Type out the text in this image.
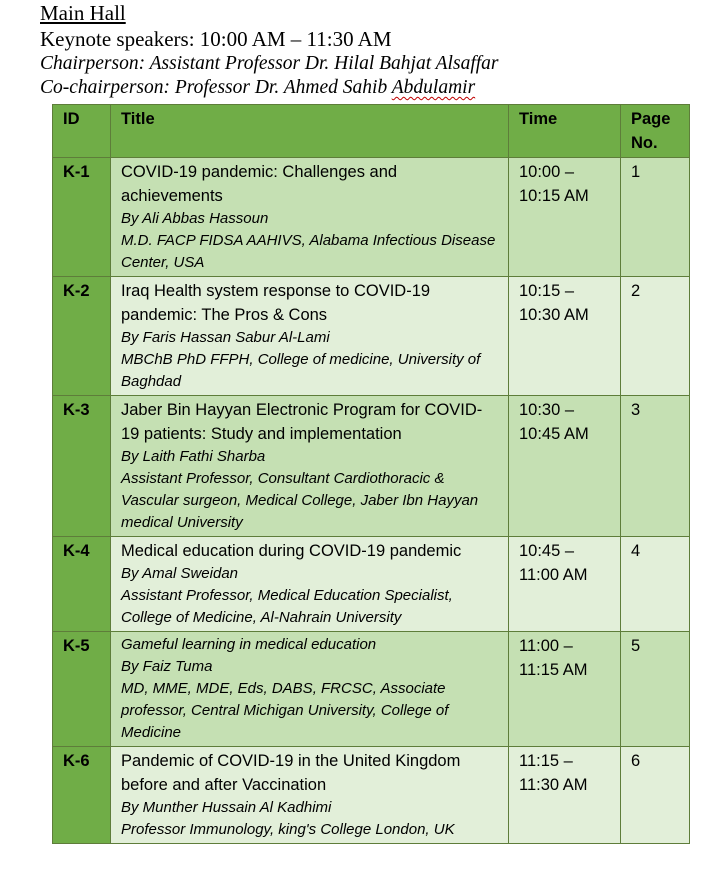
Main Hall
Keynote speakers: 10:00 AM – 11:30 AM
Chairperson: Assistant Professor Dr. Hilal Bahjat Alsaffar
Co-chairperson: Professor Dr. Ahmed Sahib Abdulamir
ID	Title	Time	Page No.
K-1	COVID-19 pandemic: Challenges and achievements
By Ali Abbas Hassoun
M.D. FACP FIDSA AAHIVS, Alabama Infectious Disease Center, USA	10:00 – 10:15 AM	1
K-2	Iraq Health system response to COVID-19 pandemic: The Pros & Cons
By Faris Hassan Sabur Al-Lami
MBChB PhD FFPH, College of medicine, University of Baghdad	10:15 – 10:30 AM	2
K-3	Jaber Bin Hayyan Electronic Program for COVID-19 patients: Study and implementation
By Laith Fathi Sharba
Assistant Professor, Consultant Cardiothoracic & Vascular surgeon, Medical College, Jaber Ibn Hayyan medical University	10:30 – 10:45 AM	3
K-4	Medical education during COVID-19 pandemic
By Amal Sweidan
Assistant Professor, Medical Education Specialist, College of Medicine, Al-Nahrain University	10:45 – 11:00 AM	4
K-5	Gameful learning in medical education
By Faiz Tuma
MD, MME, MDE, Eds, DABS, FRCSC, Associate professor, Central Michigan University, College of Medicine	11:00 – 11:15 AM	5
K-6	Pandemic of COVID-19 in the United Kingdom before and after Vaccination
By Munther Hussain Al Kadhimi
Professor Immunology, king's College London, UK	11:15 – 11:30 AM	6
